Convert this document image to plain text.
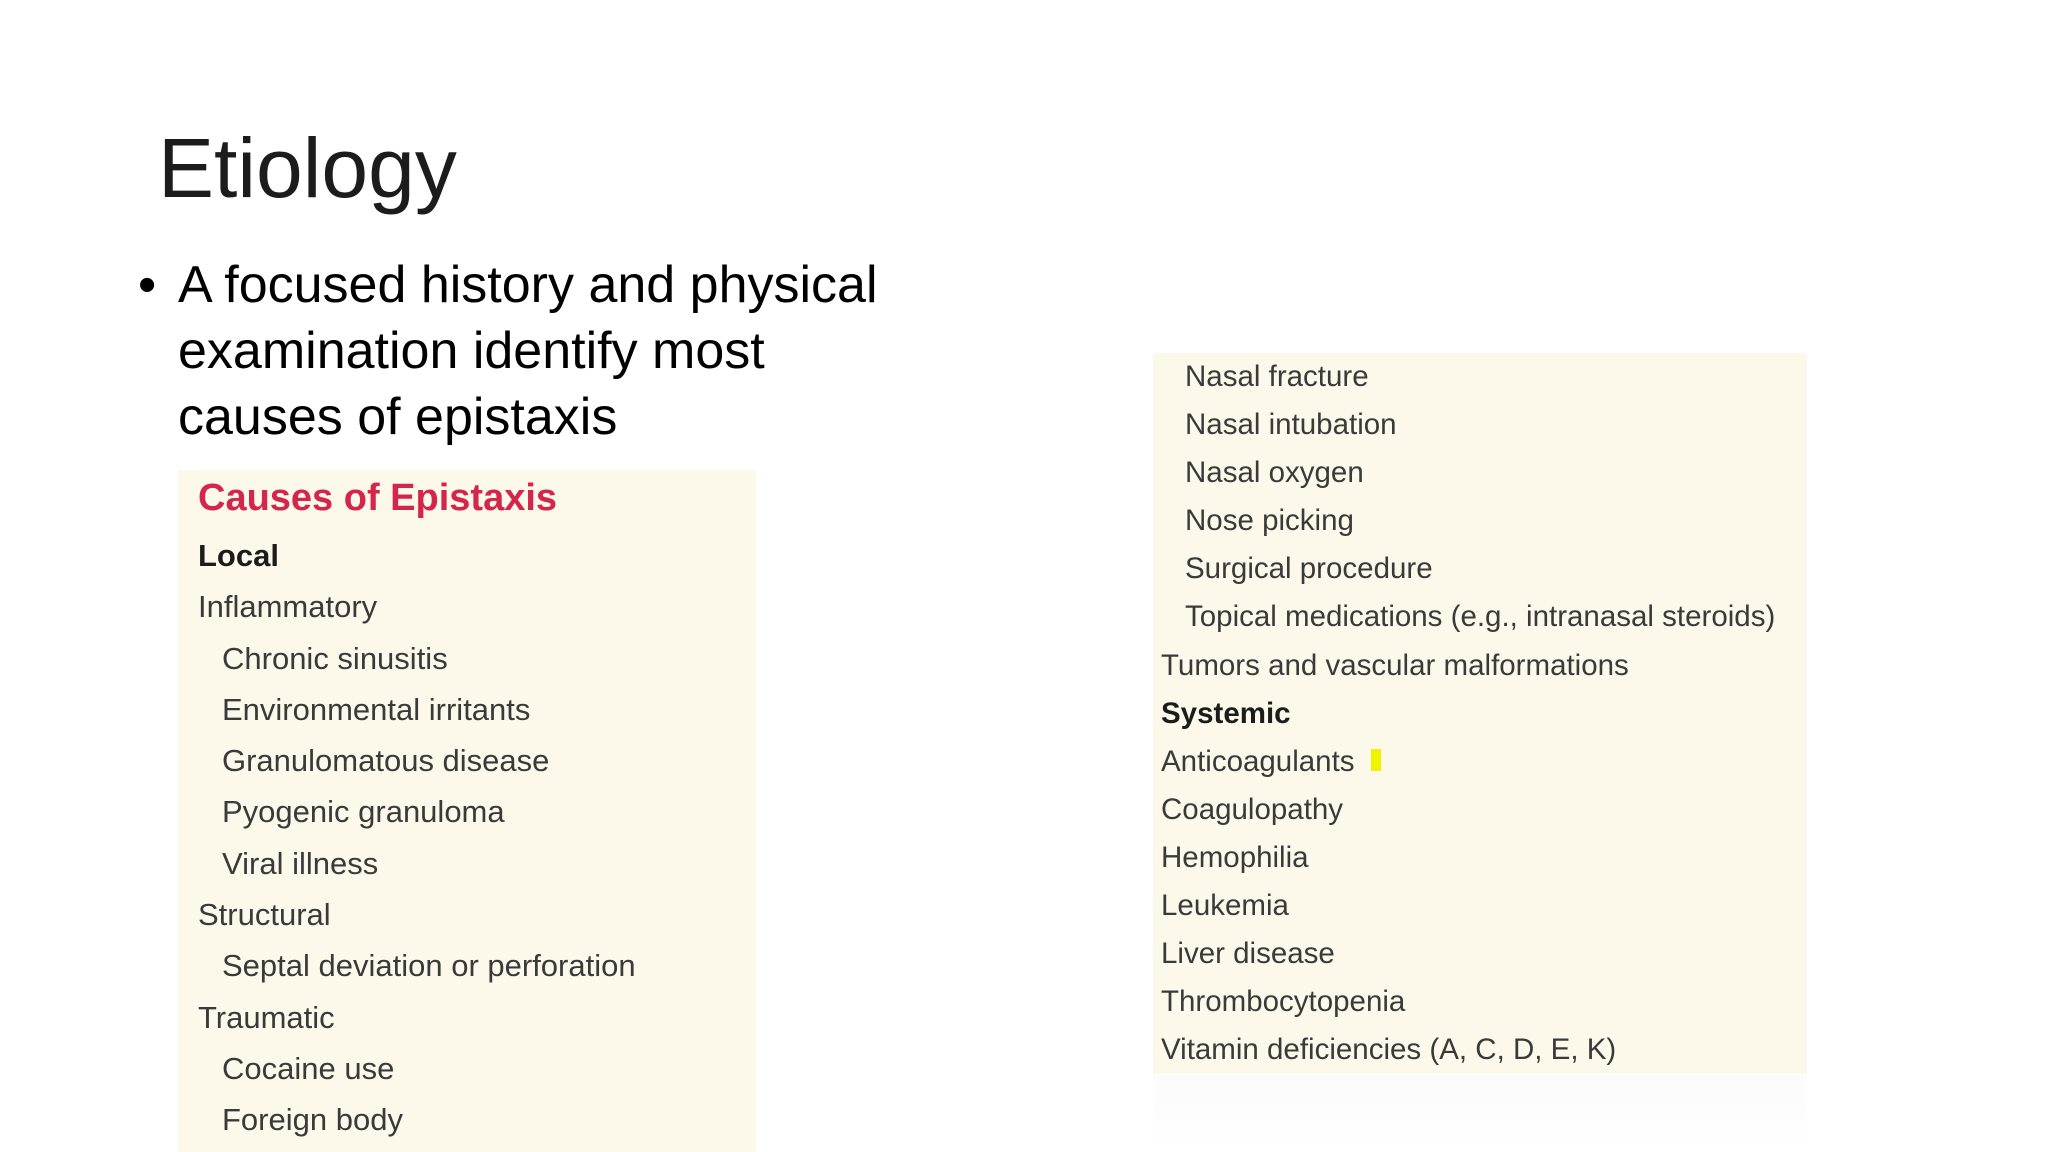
Etiology
• A focused history and physical examination identify most causes of epistaxis
Causes of Epistaxis
Local
Inflammatory
Chronic sinusitis
Environmental irritants
Granulomatous disease
Pyogenic granuloma
Viral illness
Structural
Septal deviation or perforation
Traumatic
Cocaine use
Foreign body
Nasal fracture
Nasal intubation
Nasal oxygen
Nose picking
Surgical procedure
Topical medications (e.g., intranasal steroids)
Tumors and vascular malformations
Systemic
Anticoagulants
Coagulopathy
Hemophilia
Leukemia
Liver disease
Thrombocytopenia
Vitamin deficiencies (A, C, D, E, K)
